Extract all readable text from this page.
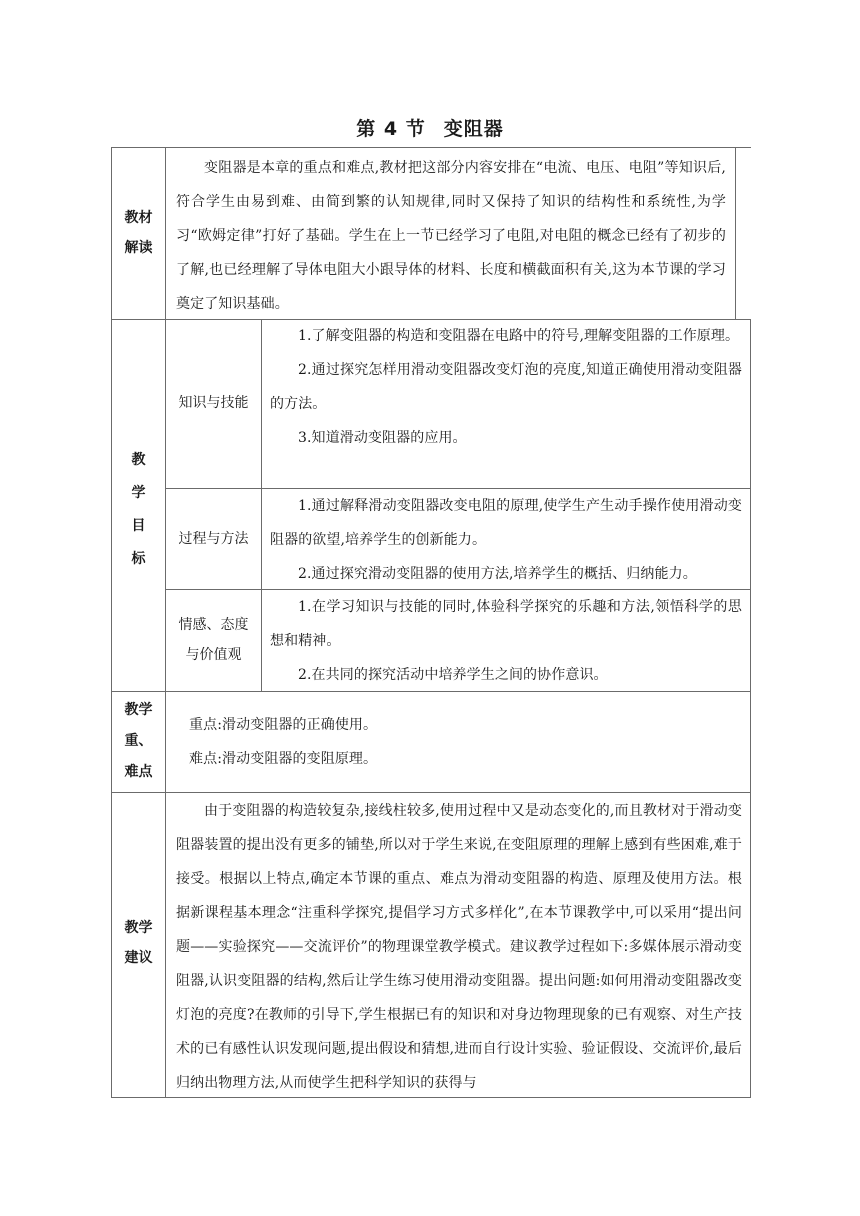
第 4 节 变阻器
教材
解读

变阻器是本章的重点和难点,教材把这部分内容安排在“电流、电压、电阻”等知识后,符合学生由易到难、由简到繁的认知规律,同时又保持了知识的结构性和系统性,为学习“欧姆定律”打好了基础。学生在上一节已经学习了电阻,对电阻的概念已经有了初步的了解,也已经理解了导体电阻大小跟导体的材料、长度和横截面积有关,这为本节课的学习奠定了知识基础。

教
学
目
标
知识与技能

1.了解变阻器的构造和变阻器在电路中的符号,理解变阻器的工作原理。

2.通过探究怎样用滑动变阻器改变灯泡的亮度,知道正确使用滑动变阻器的方法。

3.知道滑动变阻器的应用。

过程与方法

1.通过解释滑动变阻器改变电阻的原理,使学生产生动手操作使用滑动变阻器的欲望,培养学生的创新能力。

2.通过探究滑动变阻器的使用方法,培养学生的概括、归纳能力。

情感、态度
与价值观

1.在学习知识与技能的同时,体验科学探究的乐趣和方法,领悟科学的思想和精神。

2.在共同的探究活动中培养学生之间的协作意识。

教学
重、
难点

重点:滑动变阻器的正确使用。

难点:滑动变阻器的变阻原理。

教学
建议

由于变阻器的构造较复杂,接线柱较多,使用过程中又是动态变化的,而且教材对于滑动变阻器装置的提出没有更多的铺垫,所以对于学生来说,在变阻原理的理解上感到有些困难,难于接受。根据以上特点,确定本节课的重点、难点为滑动变阻器的构造、原理及使用方法。根据新课程基本理念“注重科学探究,提倡学习方式多样化”,在本节课教学中,可以采用“提出问题——实验探究——交流评价”的物理课堂教学模式。建议教学过程如下:多媒体展示滑动变阻器,认识变阻器的结构,然后让学生练习使用滑动变阻器。提出问题:如何用滑动变阻器改变灯泡的亮度?在教师的引导下,学生根据已有的知识和对身边物理现象的已有观察、对生产技术的已有感性认识发现问题,提出假设和猜想,进而自行设计实验、验证假设、交流评价,最后归纳出物理方法,从而使学生把科学知识的获得与
